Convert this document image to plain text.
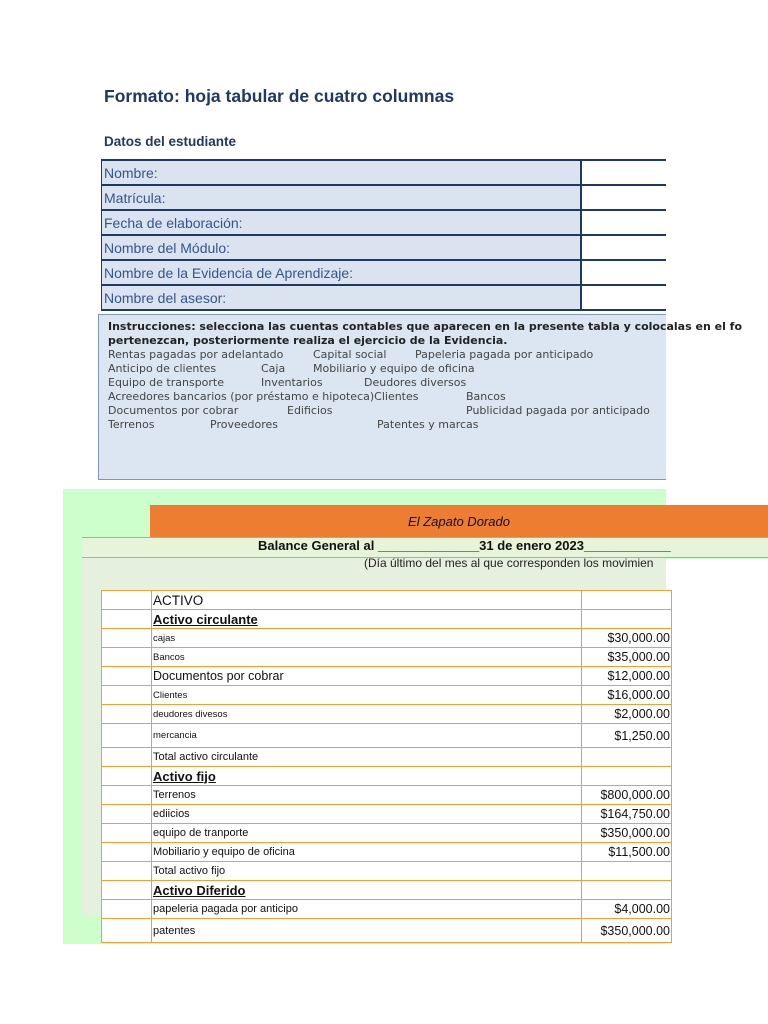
Formato: hoja tabular de cuatro columnas
Datos del estudiante
Nombre:
Matrícula:
Fecha de elaboración:
Nombre del Módulo:
Nombre de la Evidencia de Aprendizaje:
Nombre del asesor:
Instrucciones: selecciona las cuentas contables que aparecen en la presente tabla y colocalas en el fo
pertenezcan, posteriormente realiza el ejercicio de la Evidencia.
Rentas pagadas por adelantado	Capital social	Papeleria pagada por anticipado
Anticipo de clientes	Caja	Mobiliario y equipo de oficina
Equipo de transporte	Inventarios	Deudores diversos
Acreedores bancarios (por préstamo e hipoteca)Clientes	Bancos
Documentos por cobrar	Edificios	Publicidad pagada por anticipado
Terrenos	Proveedores	Patentes y marcas
El Zapato Dorado
Balance General al ______________31 de enero 2023____________
(Día último del mes al que corresponden los movimien
	ACTIVO	
	Activo circulante	
	cajas	$30,000.00
	Bancos	$35,000.00
	Documentos por cobrar	$12,000.00
	Clientes	$16,000.00
	deudores divesos	$2,000.00
	mercancia	$1,250.00
	Total activo circulante	
	Activo fijo	
	Terrenos	$800,000.00
	ediicios	$164,750.00
	equipo de tranporte	$350,000.00
	Mobiliario y equipo de oficina	$11,500.00
	Total activo fijo	
	Activo Diferido	
	papeleria pagada por anticipo	$4,000.00
	patentes	$350,000.00
